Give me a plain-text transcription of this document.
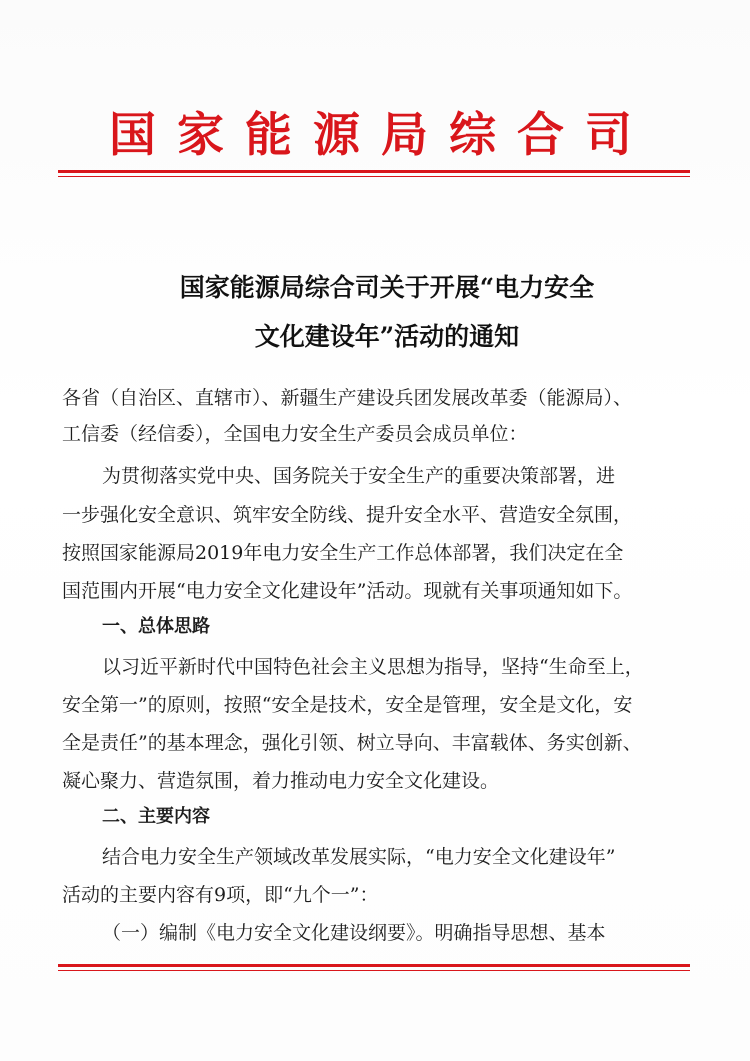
国家能源局综合司
国家能源局综合司关于开展“电力安全
文化建设年”活动的通知
各省（自治区、直辖市）、新疆生产建设兵团发展改革委（能源局）、
工信委（经信委），全国电力安全生产委员会成员单位：
为贯彻落实党中央、国务院关于安全生产的重要决策部署，进
一步强化安全意识、筑牢安全防线、提升安全水平、营造安全氛围，
按照国家能源局2019年电力安全生产工作总体部署，我们决定在全
国范围内开展“电力安全文化建设年”活动。现就有关事项通知如下。
一、总体思路
以习近平新时代中国特色社会主义思想为指导，坚持“生命至上，
安全第一”的原则，按照“安全是技术，安全是管理，安全是文化，安
全是责任”的基本理念，强化引领、树立导向、丰富载体、务实创新、
凝心聚力、营造氛围，着力推动电力安全文化建设。
二、主要内容
结合电力安全生产领域改革发展实际，“电力安全文化建设年”
活动的主要内容有9项，即“九个一”：
（一）编制《电力安全文化建设纲要》。明确指导思想、基本
